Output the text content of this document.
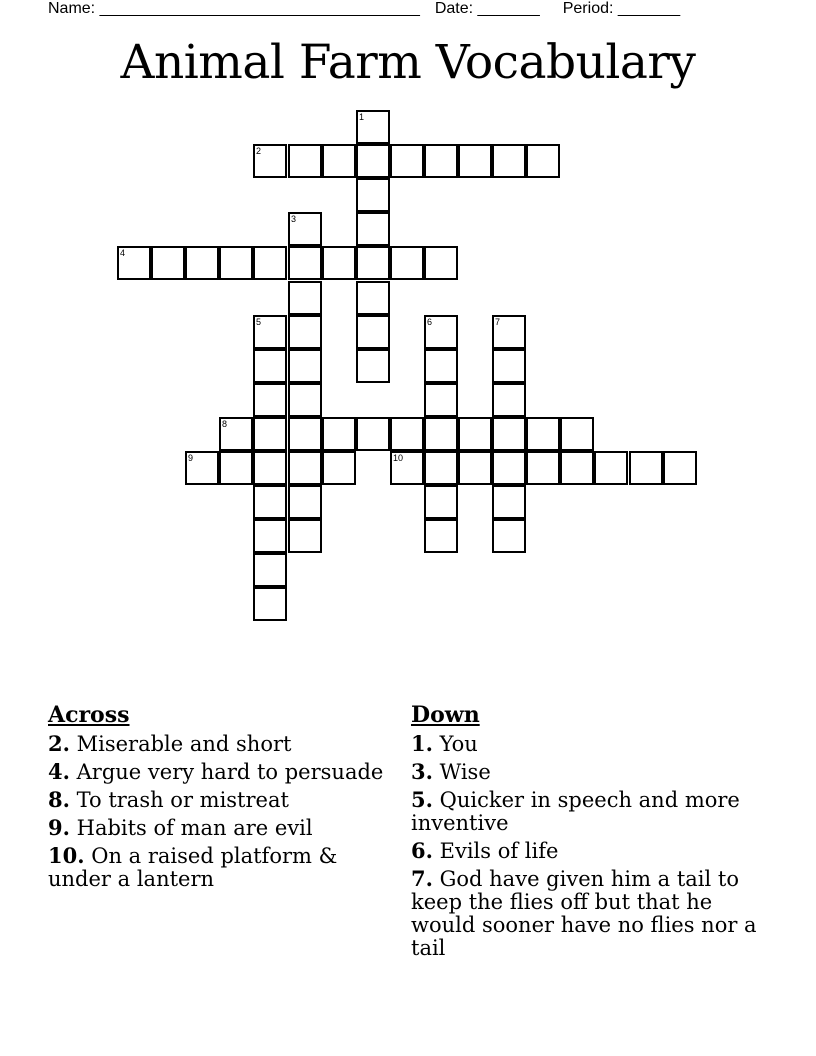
Name: ____________________________________ Date: _______ Period: _______
Animal Farm Vocabulary
1
2
3
4
5	6	7
8
9	10
Across
2. Miserable and short
4. Argue very hard to persuade
8. To trash or mistreat
9. Habits of man are evil
10. On a raised platform & under a lantern
Down
1. You
3. Wise
5. Quicker in speech and more inventive
6. Evils of life
7. God have given him a tail to keep the flies off but that he would sooner have no flies nor a tail
